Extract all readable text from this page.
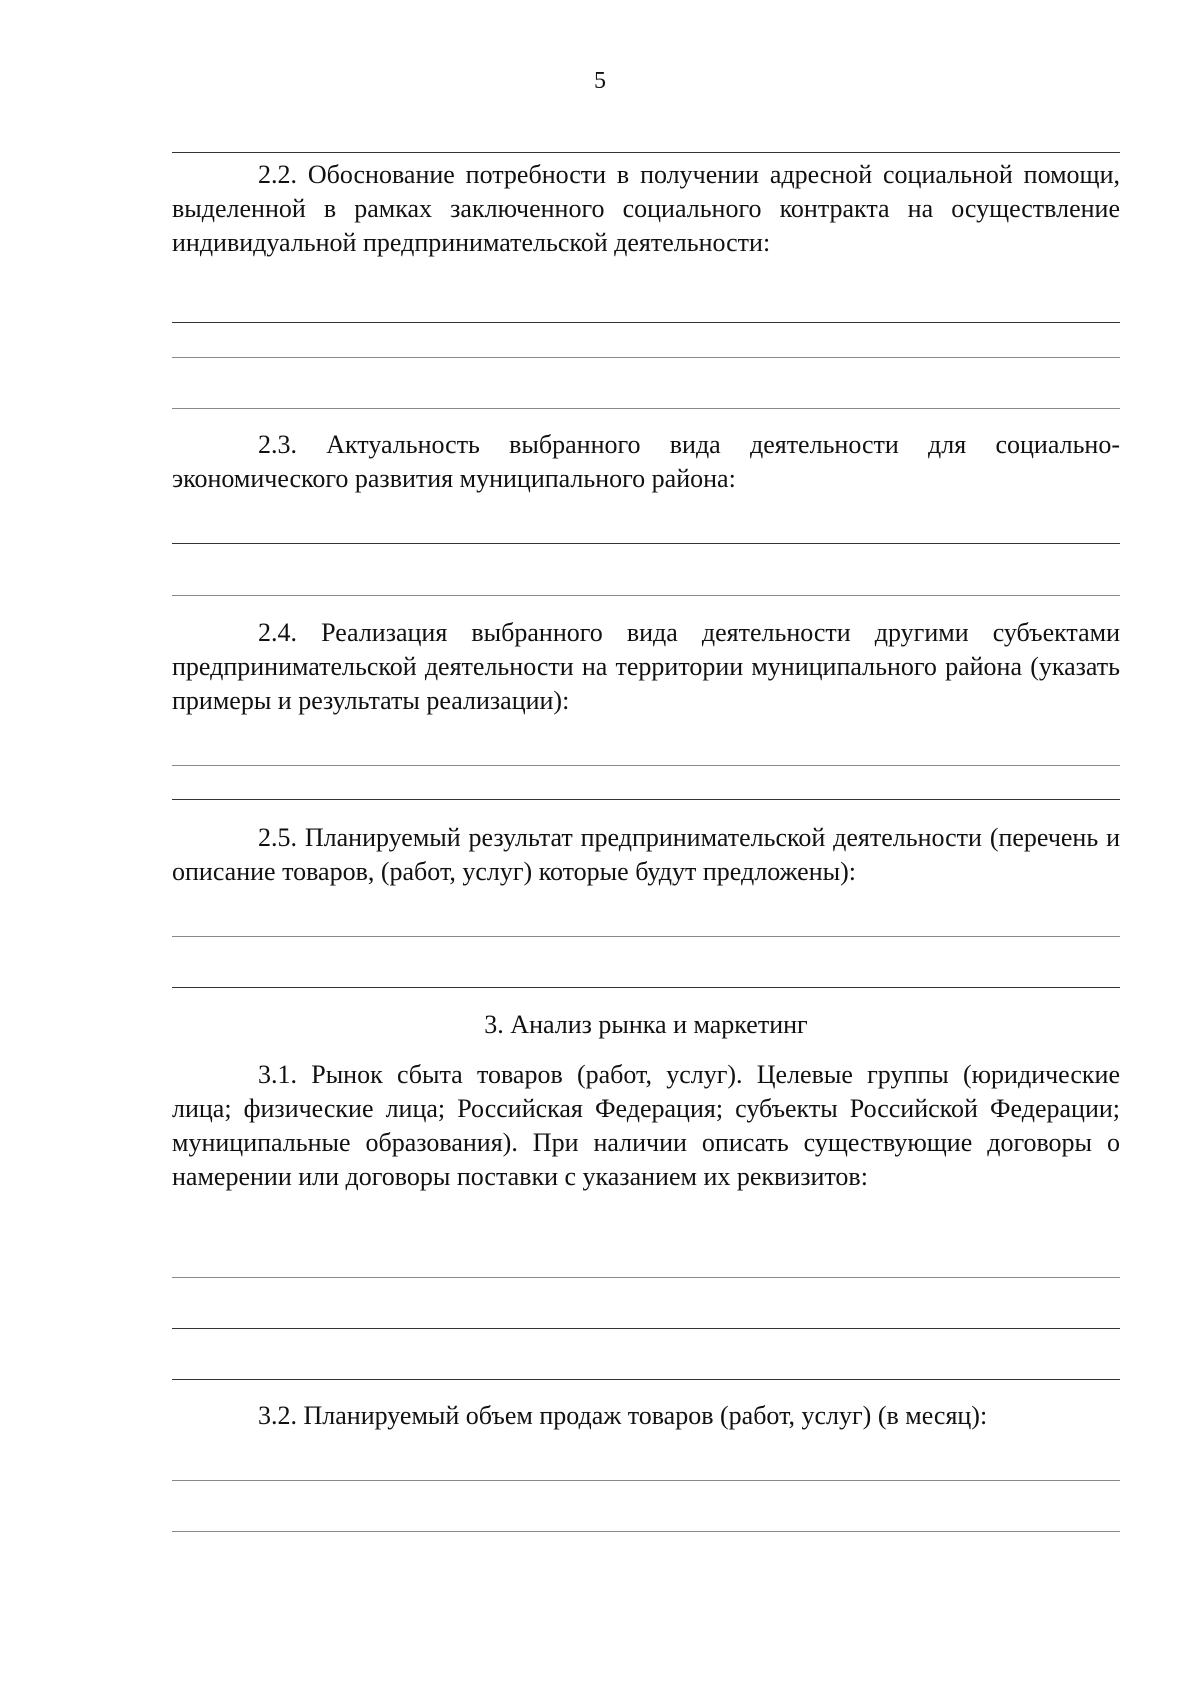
5

2.2. Обоснование потребности в получении адресной социальной помощи, выделенной в рамках заключенного социального контракта на осуществление индивидуальной предпринимательской деятельности:

2.3. Актуальность выбранного вида деятельности для социально-экономического развития муниципального района:

2.4. Реализация выбранного вида деятельности другими субъектами предпринимательской деятельности на территории муниципального района (указать примеры и результаты реализации):

2.5. Планируемый результат предпринимательской деятельности (перечень и описание товаров, (работ, услуг) которые будут предложены):

3. Анализ рынка и маркетинг

3.1. Рынок сбыта товаров (работ, услуг). Целевые группы (юридические лица; физические лица; Российская Федерация; субъекты Российской Федерации; муниципальные образования). При наличии описать существующие договоры о намерении или договоры поставки с указанием их реквизитов:

3.2. Планируемый объем продаж товаров (работ, услуг) (в месяц):
